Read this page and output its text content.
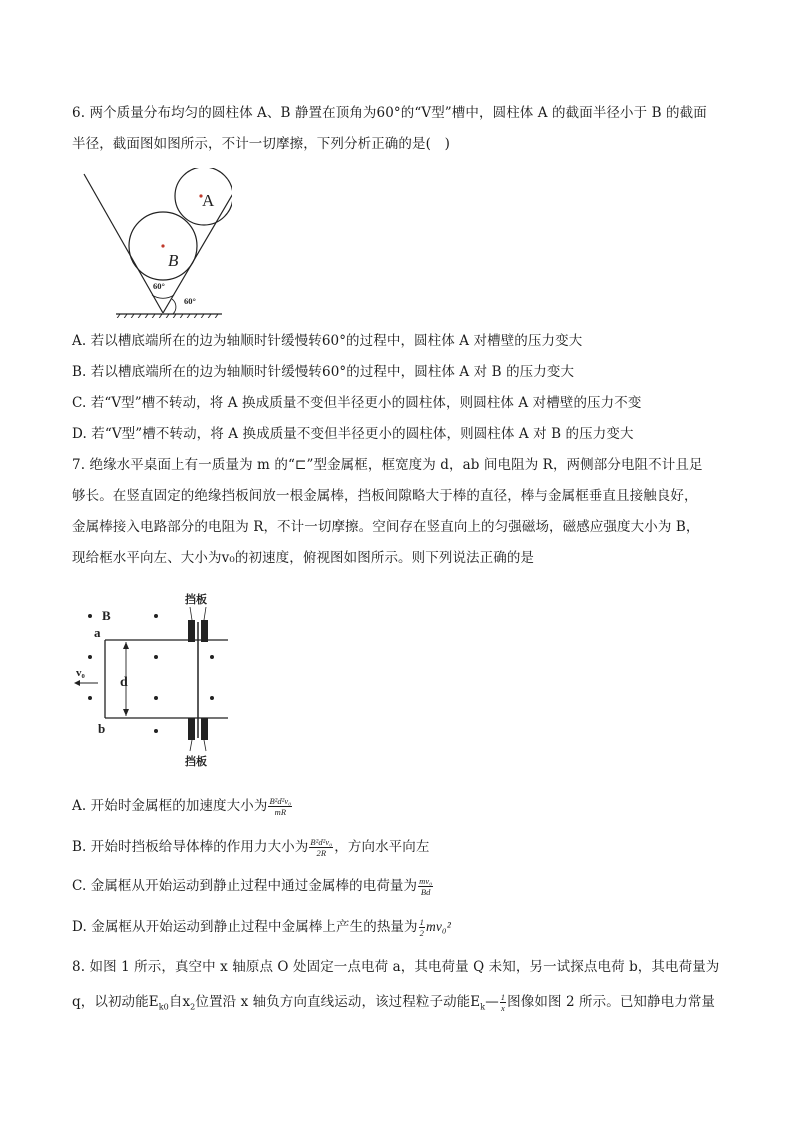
6. 两个质量分布均匀的圆柱体 A、B 静置在顶角为60°的“V型”槽中，圆柱体 A 的截面半径小于 B 的截面
半径，截面图如图所示，不计一切摩擦，下列分析正确的是(　)
A
B
60°
60°
A. 若以槽底端所在的边为轴顺时针缓慢转60°的过程中，圆柱体 A 对槽壁的压力变大
B. 若以槽底端所在的边为轴顺时针缓慢转60°的过程中，圆柱体 A 对 B 的压力变大
C. 若“V型”槽不转动，将 A 换成质量不变但半径更小的圆柱体，则圆柱体 A 对槽壁的压力不变
D. 若“V型”槽不转动，将 A 换成质量不变但半径更小的圆柱体，则圆柱体 A 对 B 的压力变大
7. 绝缘水平桌面上有一质量为 m 的“⊏”型金属框，框宽度为 d，ab 间电阻为 R，两侧部分电阻不计且足
够长。在竖直固定的绝缘挡板间放一根金属棒，挡板间隙略大于棒的直径，棒与金属框垂直且接触良好，
金属棒接入电路部分的电阻为 R，不计一切摩擦。空间存在竖直向上的匀强磁场，磁感应强度大小为 B，
现给框水平向左、大小为v₀的初速度，俯视图如图所示。则下列说法正确的是
挡板
挡板
B
a
b
d
v₀
A. 开始时金属框的加速度大小为 $\frac{\text{B²d²v₀}}{mR}$
B. 开始时挡板给导体棒的作用力大小为 $\frac{\text{B²d²v₀}}{2R}$ ，方向水平向左
C. 金属框从开始运动到静止过程中通过金属棒的电荷量为 $\frac{\text{mv₀}}{Bd}$
D. 金属框从开始运动到静止过程中金属棒上产生的热量为 $\frac{1}{2} mv_0^2$
8. 如图 1 所示，真空中 x 轴原点 O 处固定一点电荷 a，其电荷量 Q 未知，另一试探点电荷 b，其电荷量为
q，以初动能$E_{k0}$自$x_2$位置沿 x 轴负方向直线运动，该过程粒子动能$E_k— \frac{1}{x}$ 图像如图 2 所示。已知静电力常量
